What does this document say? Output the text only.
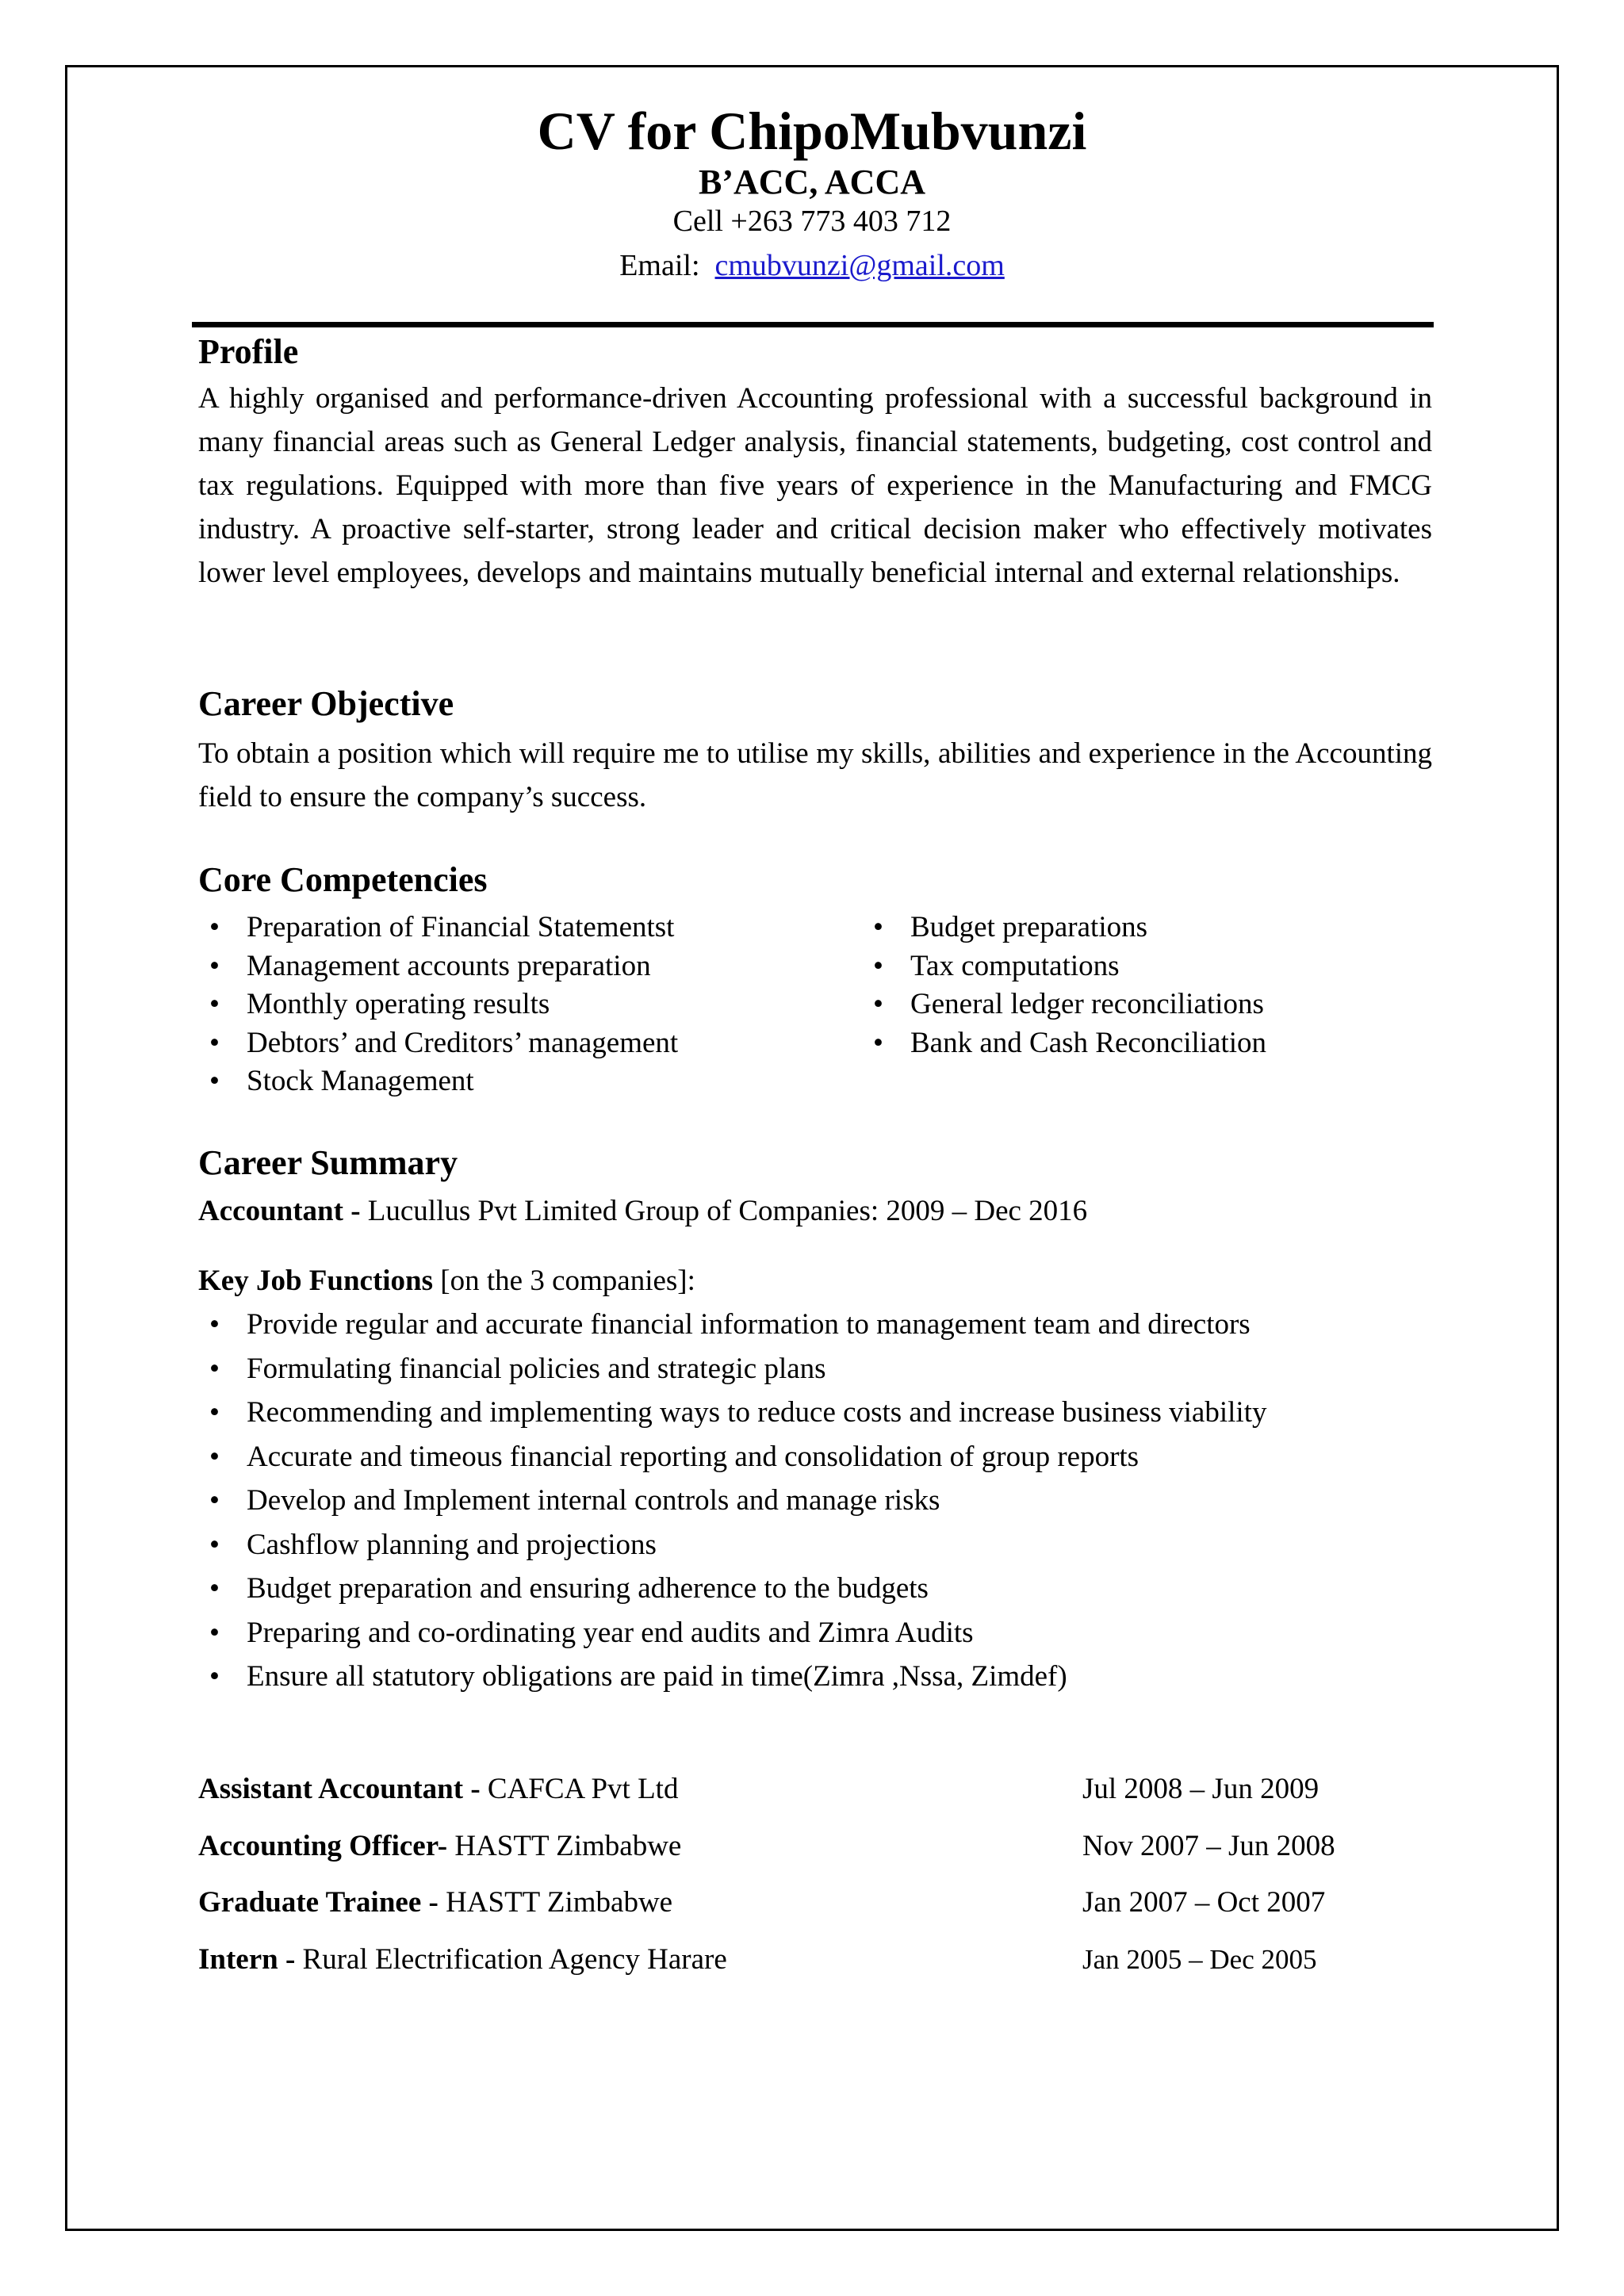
CV for ChipoMubvunzi
B’ACC, ACCA
Cell +263 773 403 712
Email: cmubvunzi@gmail.com
Profile
A highly organised and performance-driven Accounting professional with a successful background in many financial areas such as General Ledger analysis, financial statements, budgeting, cost control and tax regulations. Equipped with more than five years of experience in the Manufacturing and FMCG industry. A proactive self-starter, strong leader and critical decision maker who effectively motivates lower level employees, develops and maintains mutually beneficial internal and external relationships.
Career Objective
To obtain a position which will require me to utilise my skills, abilities and experience in the Accounting field to ensure the company’s success.
Core Competencies
• Preparation of Financial Statementst
• Management accounts preparation
• Monthly operating results
• Debtors’ and Creditors’ management
• Stock Management
• Budget preparations
• Tax computations
• General ledger reconciliations
• Bank and Cash Reconciliation
Career Summary
Accountant - Lucullus Pvt Limited Group of Companies: 2009 – Dec 2016
Key Job Functions [on the 3 companies]:
• Provide regular and accurate financial information to management team and directors
• Formulating financial policies and strategic plans
• Recommending and implementing ways to reduce costs and increase business viability
• Accurate and timeous financial reporting and consolidation of group reports
• Develop and Implement internal controls and manage risks
• Cashflow planning and projections
• Budget preparation and ensuring adherence to the budgets
• Preparing and co-ordinating year end audits and Zimra Audits
• Ensure all statutory obligations are paid in time(Zimra ,Nssa, Zimdef)
Assistant Accountant - CAFCA Pvt Ltd	Jul 2008 – Jun 2009
Accounting Officer- HASTT Zimbabwe	Nov 2007 – Jun 2008
Graduate Trainee - HASTT Zimbabwe	Jan 2007 – Oct 2007
Intern - Rural Electrification Agency Harare	Jan 2005 – Dec 2005
